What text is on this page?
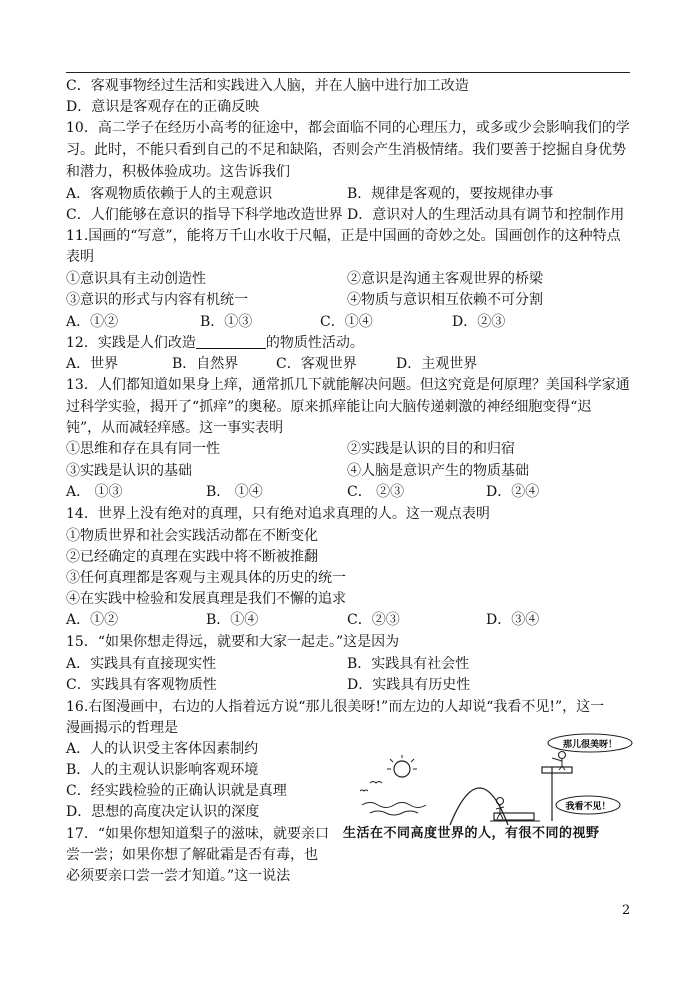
C．客观事物经过生活和实践进入人脑，并在人脑中进行加工改造
D．意识是客观存在的正确反映
10．高二学子在经历小高考的征途中，都会面临不同的心理压力，或多或少会影响我们的学
习。此时，不能只看到自己的不足和缺陷，否则会产生消极情绪。我们要善于挖掘自身优势
和潜力，积极体验成功。这告诉我们
A．客观物质依赖于人的主观意识	B．规律是客观的，要按规律办事
C．人们能够在意识的指导下科学地改造世界 D．意识对人的生理活动具有调节和控制作用
11.国画的“写意”，能将万千山水收于尺幅，正是中国画的奇妙之处。国画创作的这种特点
表明
①意识具有主动创造性	②意识是沟通主客观世界的桥梁
③意识的形式与内容有机统一	④物质与意识相互依赖不可分割
A．①②	B．①③	C．①④	D．②③
12．实践是人们改造	的物质性活动。
A．世界	B．自然界	C．客观世界	D．主观世界
13．人们都知道如果身上痒，通常抓几下就能解决问题。但这究竟是何原理？美国科学家通
过科学实验，揭开了“抓痒”的奥秘。原来抓痒能让向大脑传递刺激的神经细胞变得“迟
钝”，从而减轻痒感。这一事实表明
①思维和存在具有同一性	②实践是认识的目的和归宿
③实践是认识的基础	④人脑是意识产生的物质基础
A． ①③	B． ①④	C． ②③	D．②④
14．世界上没有绝对的真理，只有绝对追求真理的人。这一观点表明
①物质世界和社会实践活动都在不断变化
②已经确定的真理在实践中将不断被推翻
③任何真理都是客观与主观具体的历史的统一
④在实践中检验和发展真理是我们不懈的追求
A．①②	B．①④	C．②③	D．③④
15．“如果你想走得远，就要和大家一起走。”这是因为
A．实践具有直接现实性	B．实践具有社会性
C．实践具有客观物质性	D．实践具有历史性
16.右图漫画中，右边的人指着远方说“那儿很美呀!”而左边的人却说“我看不见!”，这一
漫画揭示的哲理是
A．人的认识受主客体因素制约
B．人的主观认识影响客观环境
C．经实践检验的正确认识就是真理
D．思想的高度决定认识的深度
17．“如果你想知道梨子的滋味，就要亲口
尝一尝；如果你想了解砒霜是否有毒，也
必须要亲口尝一尝才知道。”这一说法
那儿很美呀！
我看不见！
生活在不同高度世界的人，有很不同的视野
2
